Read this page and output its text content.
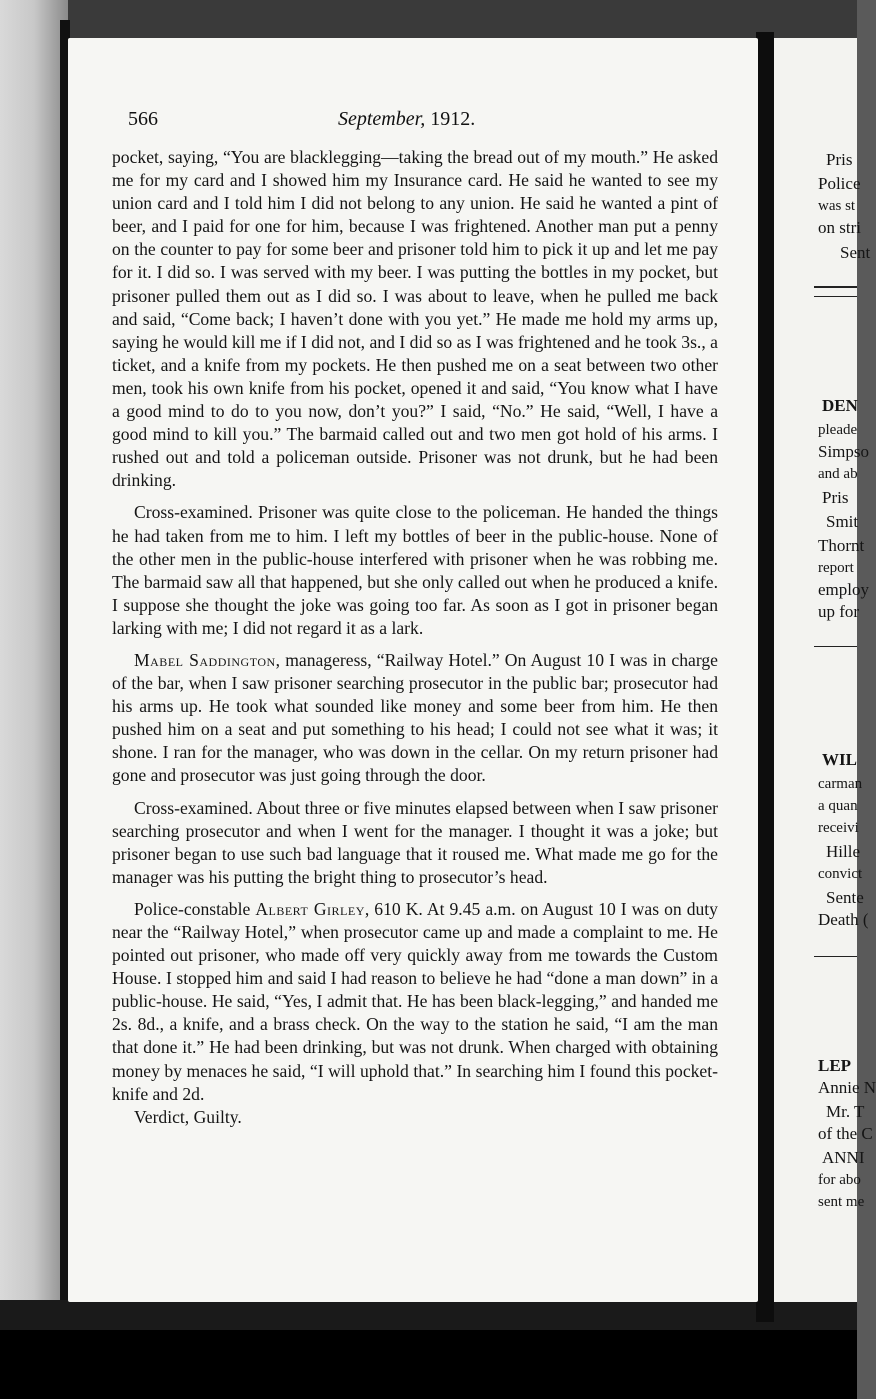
566	September, 1912.

pocket, saying, “You are blacklegging—taking the bread out of my mouth.” He asked me for my card and I showed him my Insurance card. He said he wanted to see my union card and I told him I did not belong to any union. He said he wanted a pint of beer, and I paid for one for him, because I was frightened. Another man put a penny on the counter to pay for some beer and prisoner told him to pick it up and let me pay for it. I did so. I was served with my beer. I was putting the bottles in my pocket, but prisoner pulled them out as I did so. I was about to leave, when he pulled me back and said, “Come back; I haven’t done with you yet.” He made me hold my arms up, saying he would kill me if I did not, and I did so as I was frightened and he took 3s., a ticket, and a knife from my pockets. He then pushed me on a seat between two other men, took his own knife from his pocket, opened it and said, “You know what I have a good mind to do to you now, don’t you?” I said, “No.” He said, “Well, I have a good mind to kill you.” The barmaid called out and two men got hold of his arms. I rushed out and told a policeman outside. Prisoner was not drunk, but he had been drinking.

Cross-examined. Prisoner was quite close to the policeman. He handed the things he had taken from me to him. I left my bottles of beer in the public-house. None of the other men in the public-house interfered with prisoner when he was robbing me. The barmaid saw all that happened, but she only called out when he produced a knife. I suppose she thought the joke was going too far. As soon as I got in prisoner began larking with me; I did not regard it as a lark.

Mabel Saddington, manageress, “Railway Hotel.” On August 10 I was in charge of the bar, when I saw prisoner searching prosecutor in the public bar; prosecutor had his arms up. He took what sounded like money and some beer from him. He then pushed him on a seat and put something to his head; I could not see what it was; it shone. I ran for the manager, who was down in the cellar. On my return prisoner had gone and prosecutor was just going through the door.

Cross-examined. About three or five minutes elapsed between when I saw prisoner searching prosecutor and when I went for the manager. I thought it was a joke; but prisoner began to use such bad language that it roused me. What made me go for the manager was his putting the bright thing to prosecutor’s head.

Police-constable Albert Girley, 610 K. At 9.45 a.m. on August 10 I was on duty near the “Railway Hotel,” when prosecutor came up and made a complaint to me. He pointed out prisoner, who made off very quickly away from me towards the Custom House. I stopped him and said I had reason to believe he had “done a man down” in a public-house. He said, “Yes, I admit that. He has been black-legging,” and handed me 2s. 8d., a knife, and a brass check. On the way to the station he said, “I am the man that done it.” He had been drinking, but was not drunk. When charged with obtaining money by menaces he said, “I will uphold that.” In searching him I found this pocket-knife and 2d.

Verdict, Guilty.

Pris
Police
was st
on stri
Sent
DEN
pleade
Simpso
and ab
Pris
Smit
Thornt
report
employ
up for
WIL
carman
a quan
receivi
Hille
convict
Sente
Death (
LEP
Annie N
Mr. T
of the C
ANNI
for abo
sent me
